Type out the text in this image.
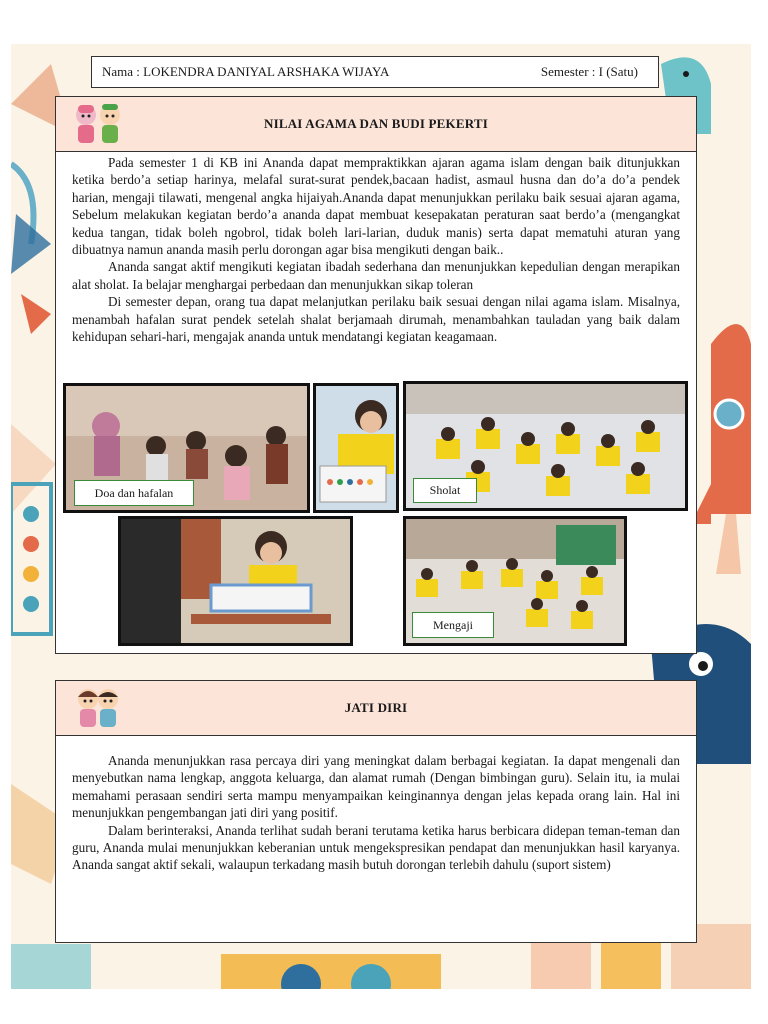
Nama : LOKENDRA DANIYAL ARSHAKA WIJAYA	Semester : I (Satu)
NILAI AGAMA DAN BUDI PEKERTI

Pada semester 1 di KB ini Ananda dapat mempraktikkan ajaran agama islam dengan baik ditunjukkan ketika berdo’a setiap harinya, melafal surat-surat pendek,bacaan hadist, asmaul husna dan do’a do’a pendek harian, mengaji tilawati, mengenal angka hijaiyah.Ananda dapat menunjukkan perilaku baik sesuai ajaran agama, Sebelum melakukan kegiatan berdo’a ananda dapat membuat kesepakatan peraturan saat berdo’a (mengangkat kedua tangan, tidak boleh ngobrol, tidak boleh lari-larian, duduk manis) serta dapat mematuhi aturan yang dibuatnya namun ananda masih perlu dorongan agar bisa mengikuti dengan baik..

Ananda sangat aktif mengikuti kegiatan ibadah sederhana dan menunjukkan kepedulian dengan merapikan alat sholat. Ia belajar menghargai perbedaan dan menunjukkan sikap toleran

Di semester depan, orang tua dapat melanjutkan perilaku baik sesuai dengan nilai agama islam. Misalnya, menambah hafalan surat pendek setelah shalat berjamaah dirumah, menambahkan tauladan yang baik dalam kehidupan sehari-hari, mengajak ananda untuk mendatangi kegiatan keagamaan.

Doa dan hafalan	Sholat
Mengaji
JATI DIRI

Ananda menunjukkan rasa percaya diri yang meningkat dalam berbagai kegiatan. Ia dapat mengenali dan menyebutkan nama lengkap, anggota keluarga, dan alamat rumah (Dengan bimbingan guru). Selain itu, ia mulai memahami perasaan sendiri serta mampu menyampaikan keinginannya dengan jelas kepada orang lain. Hal ini menunjukkan pengembangan jati diri yang positif.

Dalam berinteraksi, Ananda terlihat sudah berani terutama ketika harus berbicara didepan teman-teman dan guru, Ananda mulai menunjukkan keberanian untuk mengekspresikan pendapat dan menunjukkan hasil karyanya. Ananda sangat aktif sekali, walaupun terkadang masih butuh dorongan terlebih dahulu (suport sistem)
